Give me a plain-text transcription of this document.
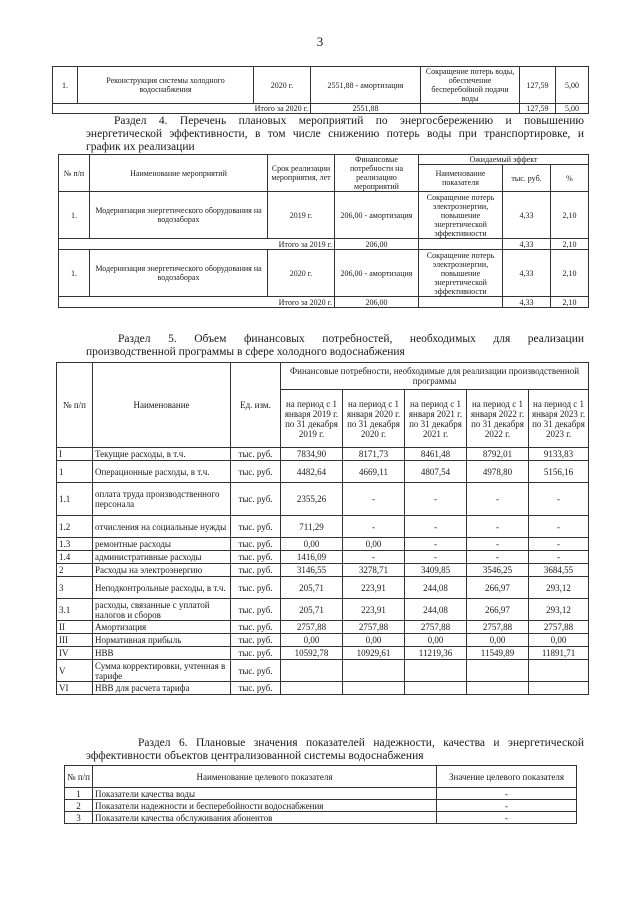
3
1.	Реконструкция системы холодного водоснабжения	2020 г.	2551,88 - амортизация	Сокращение потерь воды, обеспечение бесперебойной подачи воды	127,59	5,00
Итого за 2020 г.			2551,88		127,59	5,00
Раздел 4. Перечень плановых мероприятий по энергосбережению и повышению
энергетической эффективности, в том числе снижению потерь воды при транспортировке, и
график их реализации
№ п/п	Наименование мероприятий	Срок реализации мероприятия, лет	Финансовые потребности на реализацию мероприятий	Ожидаемый эффект		
				Наименование показателя	тыс. руб.	%
1.	Модернизация энергетического оборудования на водозаборах	2019 г.	206,00 - амортизация	Сокращение потерь электроэнергии, повышение энергетической эффективности	4,33	2,10
Итого за 2019 г.			206,00		4,33	2,10
1.	Модернизация энергетического оборудования на водозаборах	2020 г.	206,00 - амортизация	Сокращение потерь электроэнергии, повышение энергетической эффективности	4,33	2,10
Итого за 2020 г.			206,00		4,33	2,10
Раздел 5. Объем финансовых потребностей, необходимых для реализации
производственной программы в сфере холодного водоснабжения
№ п/п	Наименование	Ед. изм.	Финансовые потребности, необходимые для реализации производственной программы				
			на период с 1 января 2019 г. по 31 декабря 2019 г.	на период с 1 января 2020 г. по 31 декабря 2020 г.	на период с 1 января 2021 г. по 31 декабря 2021 г.	на период с 1 января 2022 г. по 31 декабря 2022 г.	на период с 1 января 2023 г. по 31 декабря 2023 г.
I	Текущие расходы, в т.ч.	тыс. руб.	7834,90	8171,73	8461,48	8792,01	9133,83
1	Операционные расходы, в т.ч.	тыс. руб.	4482,64	4669,11	4807,54	4978,80	5156,16
1.1	оплата труда производственного персонала	тыс. руб.	2355,26	-	-	-	-
1.2	отчисления на социальные нужды	тыс. руб.	711,29	-	-	-	-
1.3	ремонтные расходы	тыс. руб.	0,00	0,00	-	-	-
1.4	административные расходы	тыс. руб.	1416,09	-	-	-	-
2	Расходы на электроэнергию	тыс. руб.	3146,55	3278,71	3409,85	3546,25	3684,55
3	Неподконтрольные расходы, в т.ч.	тыс. руб.	205,71	223,91	244,08	266,97	293,12
3.1	расходы, связанные с уплатой налогов и сборов	тыс. руб.	205,71	223,91	244,08	266,97	293,12
II	Амортизация	тыс. руб.	2757,88	2757,88	2757,88	2757,88	2757,88
III	Нормативная прибыль	тыс. руб.	0,00	0,00	0,00	0,00	0,00
IV	НВВ	тыс. руб.	10592,78	10929,61	11219,36	11549,89	11891,71
V	Сумма корректировки, учтенная в тарифе	тыс. руб.					
VI	НВВ для расчета тарифа	тыс. руб.					
Раздел 6. Плановые значения показателей надежности, качества и энергетической
эффективности объектов централизованной системы водоснабжения
№ п/п	Наименование целевого показателя	Значение целевого показателя
1	Показатели качества воды	-
2	Показатели надежности и бесперебойности водоснабжения	-
3	Показатели качества обслуживания абонентов	-
